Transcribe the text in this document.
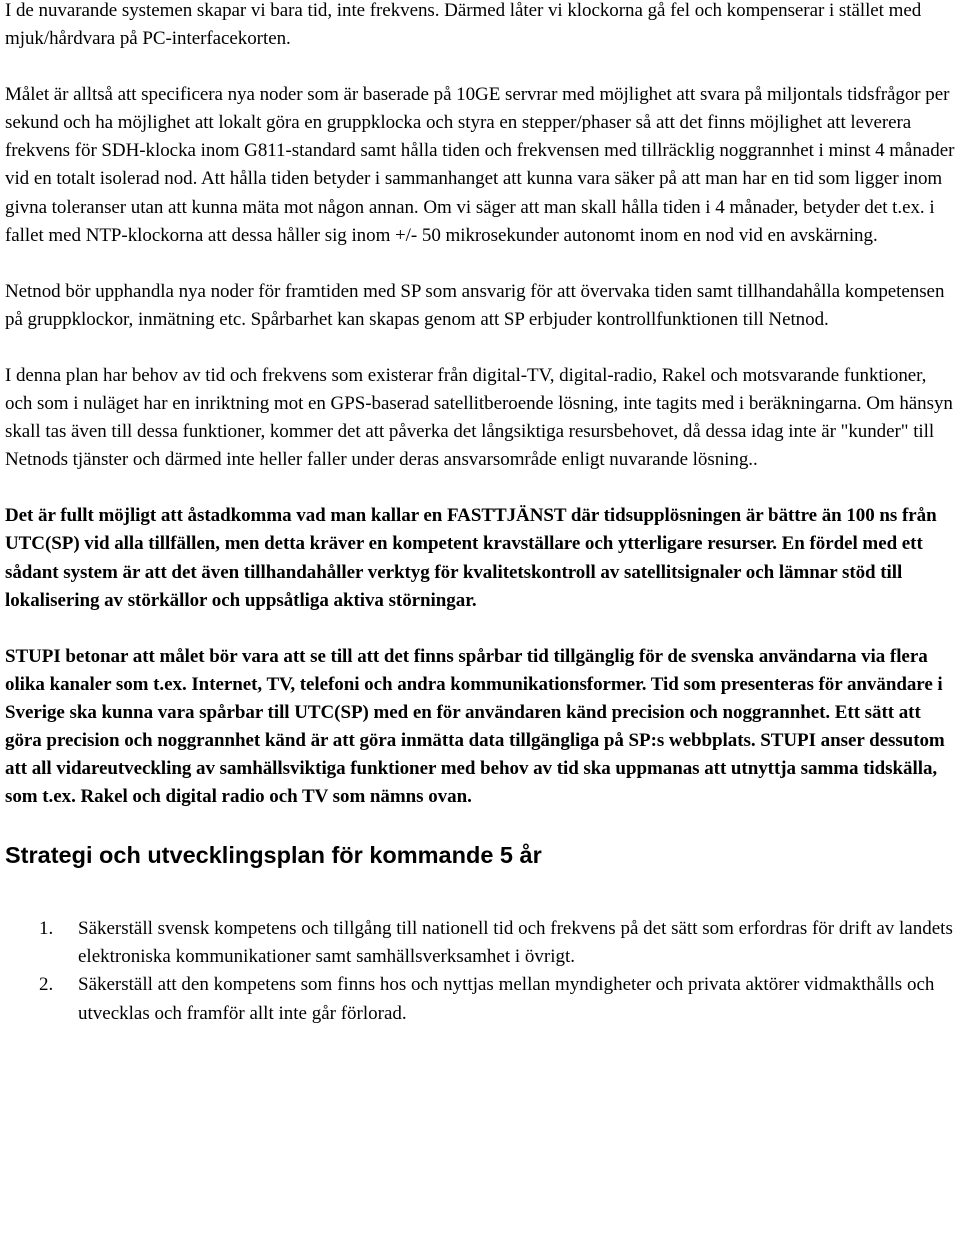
I de nuvarande systemen skapar vi bara tid, inte frekvens. Därmed låter vi klockorna gå fel och kompenserar i stället med mjuk/hårdvara på PC-interfacekorten.

Målet är alltså att specificera nya noder som är baserade på 10GE servrar med möjlighet att svara på miljontals tidsfrågor per sekund och ha möjlighet att lokalt göra en gruppklocka och styra en stepper/phaser så att det finns möjlighet att leverera frekvens för SDH-klocka inom G811-standard samt hålla tiden och frekvensen med tillräcklig noggrannhet i minst 4 månader vid en totalt isolerad nod. Att hålla tiden betyder i sammanhanget att kunna vara säker på att man har en tid som ligger inom givna toleranser utan att kunna mäta mot någon annan. Om vi säger att man skall hålla tiden i 4 månader, betyder det t.ex. i fallet med NTP-klockorna att dessa håller sig inom +/- 50 mikrosekunder autonomt inom en nod vid en avskärning.

Netnod bör upphandla nya noder för framtiden med SP som ansvarig för att övervaka tiden samt tillhandahålla kompetensen på gruppklockor, inmätning etc. Spårbarhet kan skapas genom att SP erbjuder kontrollfunktionen till Netnod.

I denna plan har behov av tid och frekvens som existerar från digital-TV, digital-radio, Rakel och motsvarande funktioner, och som i nuläget har en inriktning mot en GPS-baserad satellitberoende lösning, inte tagits med i beräkningarna. Om hänsyn skall tas även till dessa funktioner, kommer det att påverka det långsiktiga resursbehovet, då dessa idag inte är "kunder" till Netnods tjänster och därmed inte heller faller under deras ansvarsområde enligt nuvarande lösning..

Det är fullt möjligt att åstadkomma vad man kallar en FASTTJÄNST där tidsupplösningen är bättre än 100 ns från UTC(SP) vid alla tillfällen, men detta kräver en kompetent kravställare och ytterligare resurser. En fördel med ett sådant system är att det även tillhandahåller verktyg för kvalitetskontroll av satellitsignaler och lämnar stöd till lokalisering av störkällor och uppsåtliga aktiva störningar.

STUPI betonar att målet bör vara att se till att det finns spårbar tid tillgänglig för de svenska användarna via flera olika kanaler som t.ex. Internet, TV, telefoni och andra kommunikationsformer. Tid som presenteras för användare i Sverige ska kunna vara spårbar till UTC(SP) med en för användaren känd precision och noggrannhet. Ett sätt att göra precision och noggrannhet känd är att göra inmätta data tillgängliga på SP:s webbplats. STUPI anser dessutom att all vidareutveckling av samhällsviktiga funktioner med behov av tid ska uppmanas att utnyttja samma tidskälla, som t.ex. Rakel och digital radio och TV som nämns ovan.

Strategi och utvecklingsplan för kommande 5 år
1.	Säkerställ svensk kompetens och tillgång till nationell tid och frekvens på det sätt som erfordras för drift av landets elektroniska kommunikationer samt samhällsverksamhet i övrigt.
2.	Säkerställ att den kompetens som finns hos och nyttjas mellan myndigheter och privata aktörer vidmakthålls och utvecklas och framför allt inte går förlorad.
